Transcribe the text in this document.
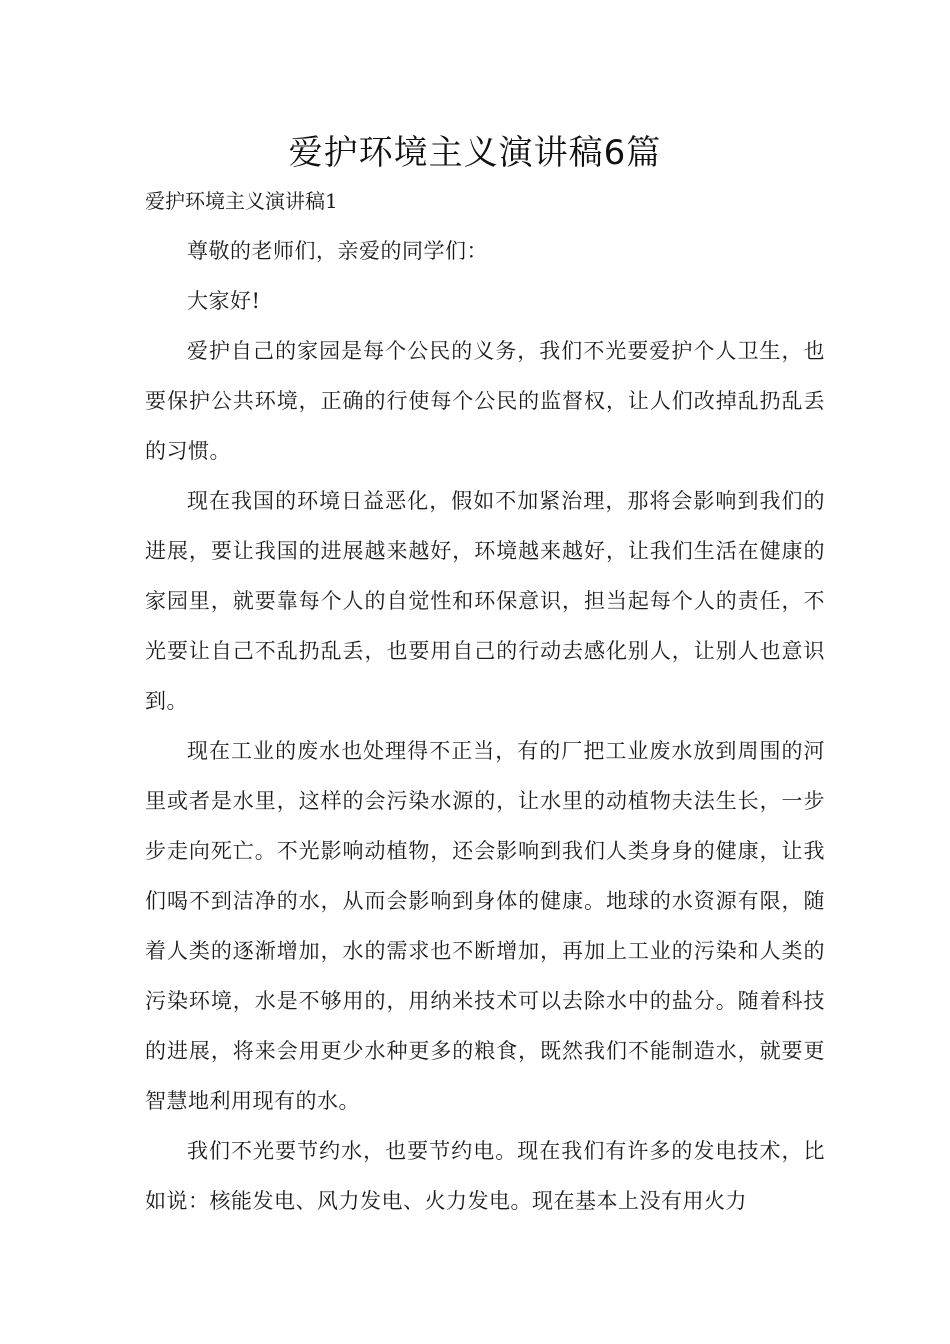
爱护环境主义演讲稿6篇

爱护环境主义演讲稿1

尊敬的老师们，亲爱的同学们：

大家好!

爱护自己的家园是每个公民的义务，我们不光要爱护个人卫生，也要保护公共环境，正确的行使每个公民的监督权，让人们改掉乱扔乱丢的习惯。

现在我国的环境日益恶化，假如不加紧治理，那将会影响到我们的进展，要让我国的进展越来越好，环境越来越好，让我们生活在健康的家园里，就要靠每个人的自觉性和环保意识，担当起每个人的责任，不光要让自己不乱扔乱丢，也要用自己的行动去感化别人，让别人也意识到。

现在工业的废水也处理得不正当，有的厂把工业废水放到周围的河里或者是水里，这样的会污染水源的，让水里的动植物夫法生长，一步步走向死亡。不光影响动植物，还会影响到我们人类身身的健康，让我们喝不到洁净的水，从而会影响到身体的健康。地球的水资源有限，随着人类的逐渐增加，水的需求也不断增加，再加上工业的污染和人类的污染环境，水是不够用的，用纳米技术可以去除水中的盐分。随着科技的进展，将来会用更少水种更多的粮食，既然我们不能制造水，就要更智慧地利用现有的水。

我们不光要节约水，也要节约电。现在我们有许多的发电技术，比如说：核能发电、风力发电、火力发电。现在基本上没有用火力
